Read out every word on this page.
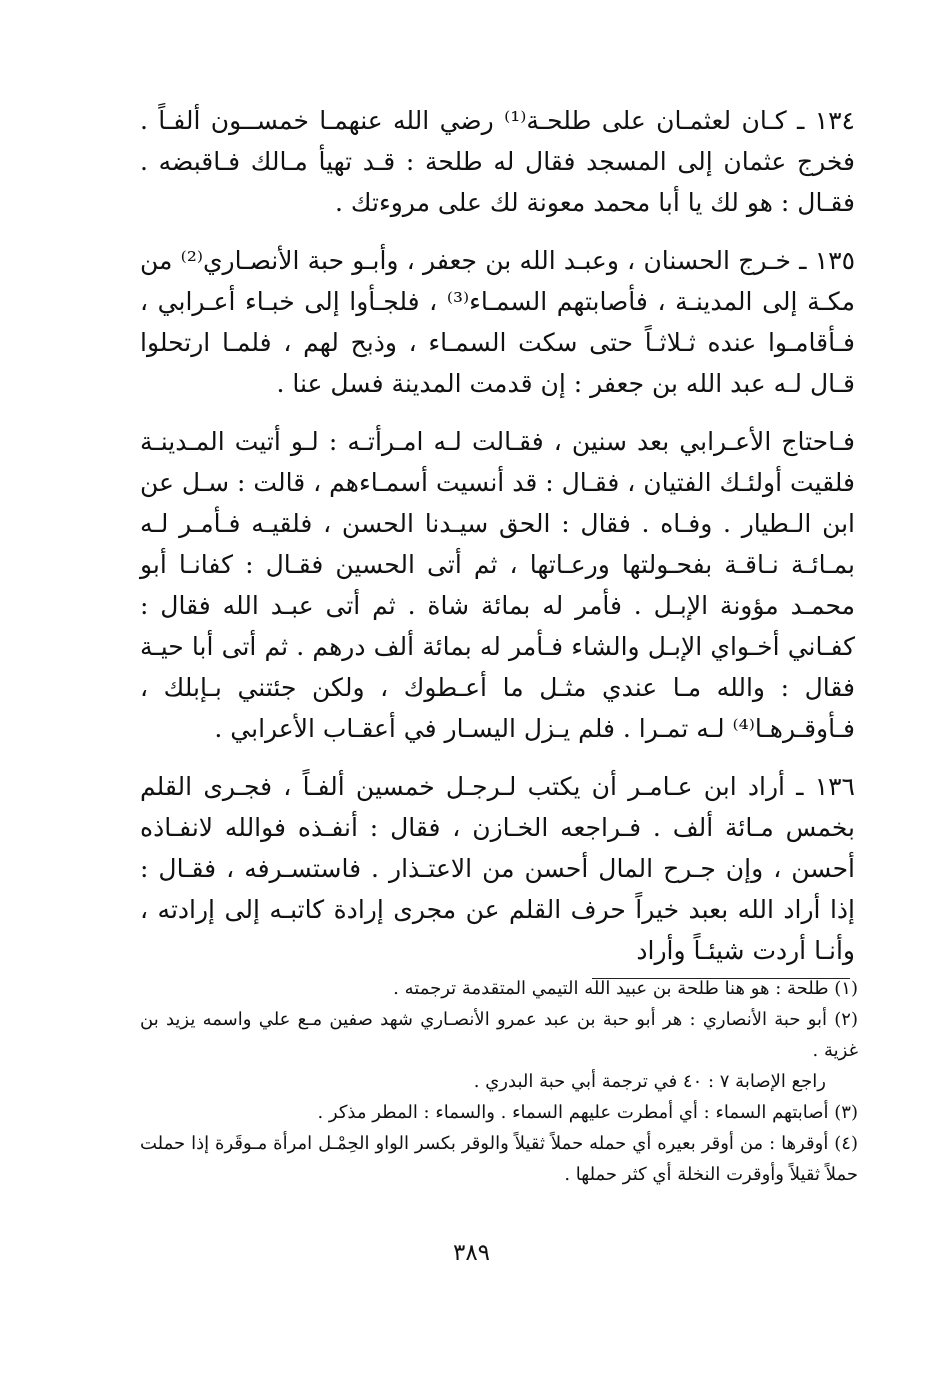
١٣٤ ـ كـان لعثمـان على طلحـة⁽¹⁾ رضي الله عنهمـا خمســون ألفـاً . فخرج عثمان إلى المسجد فقال له طلحة : قـد تهيأ مـالك فـاقبضه . فقـال : هو لك يا أبا محمد معونة لك على مروءتك .

١٣٥ ـ خـرج الحسنان ، وعبـد الله بن جعفر ، وأبـو حبة الأنصـاري⁽²⁾ من مكـة إلى المدينـة ، فأصابتهم السمـاء⁽³⁾ ، فلجـأوا إلى خبـاء أعـرابي ، فـأقامـوا عنده ثـلاثـاً حتى سكت السمـاء ، وذبح لهم ، فلمـا ارتحلوا قـال لـه عبد الله بن جعفر : إن قدمت المدينة فسل عنا .

فـاحتاج الأعـرابي بعد سنين ، فقـالت لـه امـرأتـه : لـو أتيت المـدينـة فلقيت أولئـك الفتيان ، فقـال : قد أنسيت أسمـاءهم ، قالت : سـل عن ابن الـطيار . وفـاه . فقال : الحق سيـدنا الحسن ، فلقيـه فـأمـر لـه بمـائـة نـاقـة بفحـولتها ورعـاتها ، ثم أتى الحسين فقـال : كفانـا أبو محمـد مؤونة الإبـل . فأمر له بمائة شاة . ثم أتى عبـد الله فقال : كفـاني أخـواي الإبـل والشاء فـأمر له بمائة ألف درهم . ثم أتى أبا حيـة فقال : والله مـا عندي مثـل ما أعـطوك ، ولكن جئتني بـإبلك ، فـأوقـرهـا⁽⁴⁾ لـه تمـرا . فلم يـزل اليسـار في أعقـاب الأعرابي .

١٣٦ ـ أراد ابن عـامـر أن يكتب لـرجـل خمسين ألفـاً ، فجـرى القلم بخمس مـائة ألف . فـراجعه الخـازن ، فقال : أنفـذه فوالله لانفـاذه أحسن ، وإن جـرح المال أحسن من الاعتـذار . فاستسـرفه ، فقـال : إذا أراد الله بعبد خيراً حرف القلم عن مجرى إرادة كاتبـه إلى إرادته ، وأنـا أردت شيئـاً وأراد

(١) طلحة : هو هنا طلحة بن عبيد الله التيمي المتقدمة ترجمته .

(٢) أبو حبة الأنصاري : هر أبو حبة بن عبد عمرو الأنصـاري شهد صفين مـع علي واسمه يزيد بن غزية .

راجع الإصابة ٧ : ٤٠ في ترجمة أبي حبة البدري .

(٣) أصابتهم السماء : أي أمطرت عليهم السماء . والسماء : المطر مذكر .

(٤) أوقرها : من أوقر بعيره أي حمله حملاً ثقيلاً والوقر بكسر الواو الحِمْـل امرأة مـوقَرة إذا حملت حملاً ثقيلاً وأوقرت النخلة أي كثر حملها .

٣٨٩
